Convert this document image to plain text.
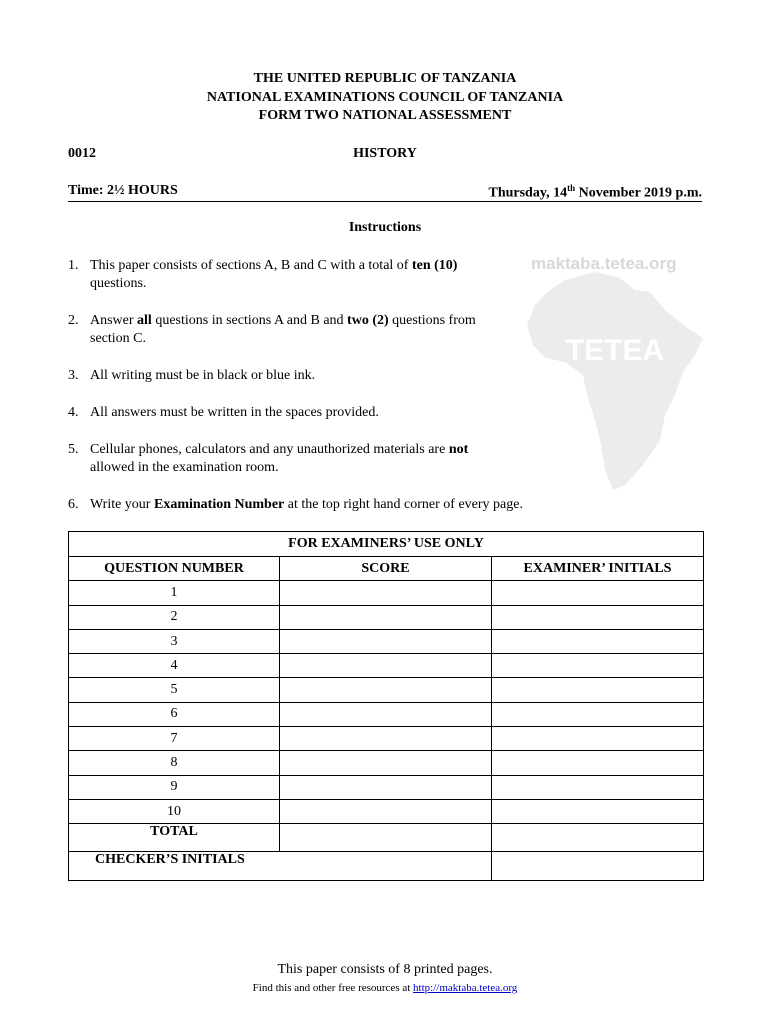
THE UNITED REPUBLIC OF TANZANIA
NATIONAL EXAMINATIONS COUNCIL OF TANZANIA
FORM TWO NATIONAL ASSESSMENT
0012	HISTORY
Time: 2½ HOURS	Thursday, 14th November 2019 p.m.
Instructions
TETEA
maktaba.tetea.org
1. This paper consists of sections A, B and C with a total of ten (10)
questions.
2. Answer all questions in sections A and B and two (2) questions from
section C.
3. All writing must be in black or blue ink.
4. All answers must be written in the spaces provided.
5. Cellular phones, calculators and any unauthorized materials are not
allowed in the examination room.
6. Write your Examination Number at the top right hand corner of every page.
FOR EXAMINERS’ USE ONLY		
QUESTION NUMBER	SCORE	EXAMINER’ INITIALS
1		
2		
3		
4		
5		
6		
7		
8		
9		
10		
TOTAL		
CHECKER’S INITIALS		
This paper consists of 8 printed pages.
Find this and other free resources at http://maktaba.tetea.org
